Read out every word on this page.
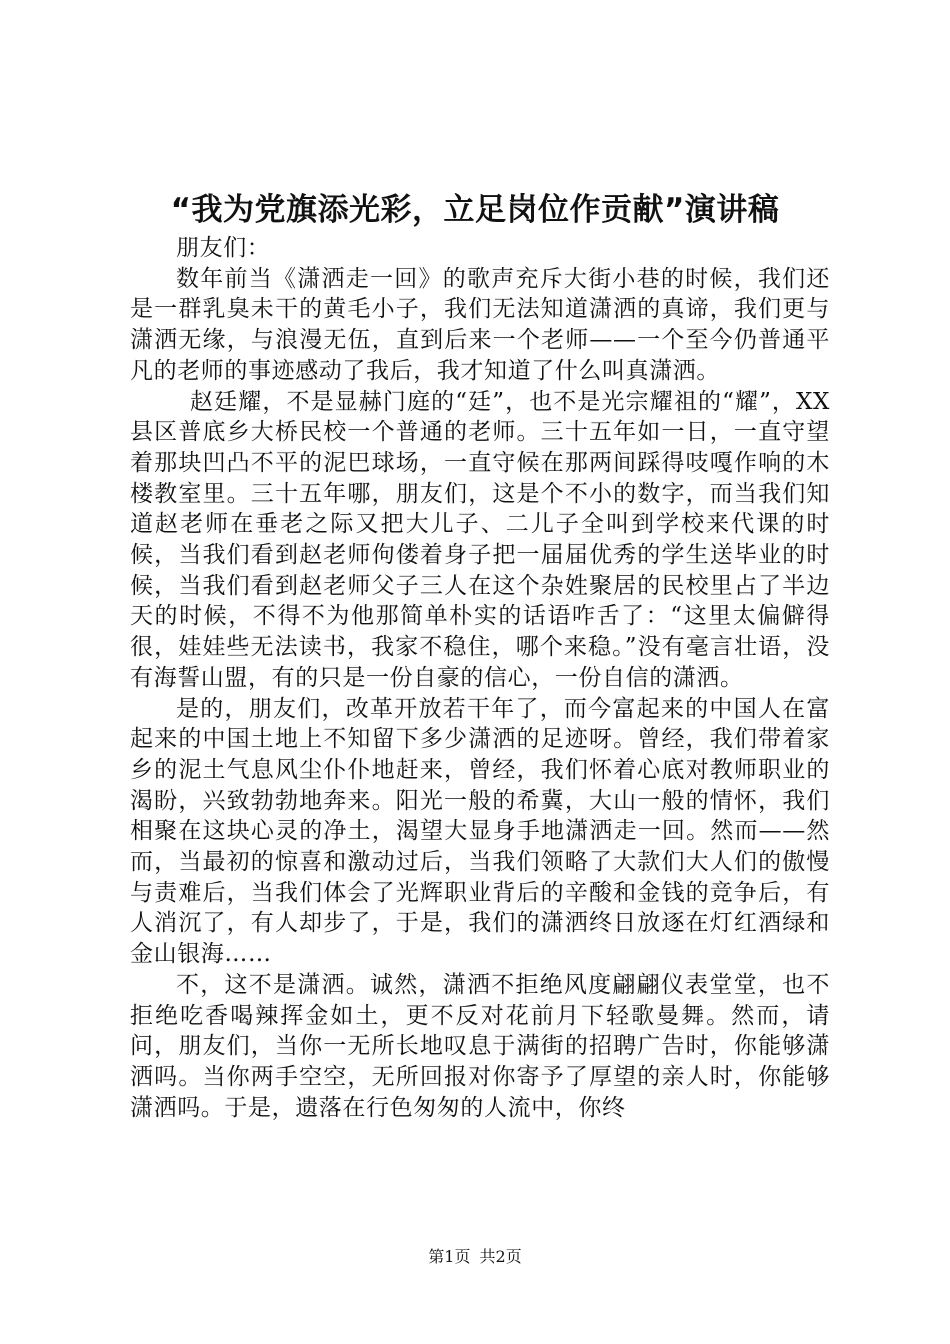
“我为党旗添光彩，立足岗位作贡献”演讲稿

朋友们：

数年前当《潇洒走一回》的歌声充斥大街小巷的时候，我们还是一群乳臭未干的黄毛小子，我们无法知道潇洒的真谛，我们更与潇洒无缘，与浪漫无伍，直到后来一个老师——一个至今仍普通平凡的老师的事迹感动了我后，我才知道了什么叫真潇洒。

赵廷耀，不是显赫门庭的“廷”，也不是光宗耀祖的“耀”，XX县区普底乡大桥民校一个普通的老师。三十五年如一日，一直守望着那块凹凸不平的泥巴球场，一直守候在那两间踩得吱嘎作响的木楼教室里。三十五年哪，朋友们，这是个不小的数字，而当我们知道赵老师在垂老之际又把大儿子、二儿子全叫到学校来代课的时候，当我们看到赵老师佝偻着身子把一届届优秀的学生送毕业的时候，当我们看到赵老师父子三人在这个杂姓聚居的民校里占了半边天的时候，不得不为他那简单朴实的话语咋舌了：“这里太偏僻得很，娃娃些无法读书，我家不稳住，哪个来稳。”没有毫言壮语，没有海誓山盟，有的只是一份自豪的信心，一份自信的潇洒。

是的，朋友们，改革开放若干年了，而今富起来的中国人在富起来的中国土地上不知留下多少潇洒的足迹呀。曾经，我们带着家乡的泥土气息风尘仆仆地赶来，曾经，我们怀着心底对教师职业的渴盼，兴致勃勃地奔来。阳光一般的希冀，大山一般的情怀，我们相聚在这块心灵的净土，渴望大显身手地潇洒走一回。然而——然而，当最初的惊喜和激动过后，当我们领略了大款们大人们的傲慢与责难后，当我们体会了光辉职业背后的辛酸和金钱的竞争后，有人消沉了，有人却步了，于是，我们的潇洒终日放逐在灯红酒绿和金山银海……

不，这不是潇洒。诚然，潇洒不拒绝风度翩翩仪表堂堂，也不拒绝吃香喝辣挥金如土，更不反对花前月下轻歌曼舞。然而，请问，朋友们，当你一无所长地叹息于满街的招聘广告时，你能够潇洒吗。当你两手空空，无所回报对你寄予了厚望的亲人时，你能够潇洒吗。于是，遗落在行色匆匆的人流中，你终

第1页 共2页
